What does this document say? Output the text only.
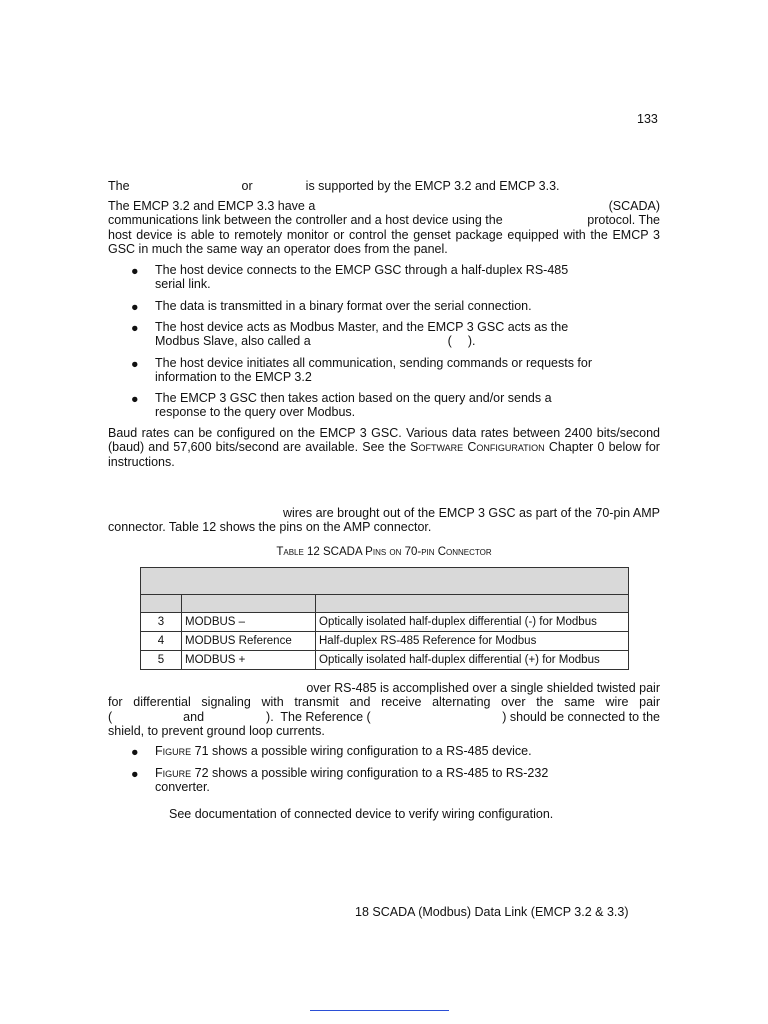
133
The	or	is supported by the EMCP 3.2 and EMCP 3.3.
The EMCP 3.2 and EMCP 3.3 have a	(SCADA)
communications link between the controller and a host device using the	protocol. The
host device is able to remotely monitor or control the genset package equipped with the EMCP 3 GSC in much the same way an operator does from the panel.
● The host device connects to the EMCP GSC through a half-duplex RS-485 serial link.
● The data is transmitted in a binary format over the serial connection.
● The host device acts as Modbus Master, and the EMCP 3 GSC acts as the
Modbus Slave, also called a	( ).
● The host device initiates all communication, sending commands or requests for information to the EMCP 3.2
● The EMCP 3 GSC then takes action based on the query and/or sends a response to the query over Modbus.
Baud rates can be configured on the EMCP 3 GSC. Various data rates between 2400 bits/second (baud) and 57,600 bits/second are available. See the Software Configuration Chapter 0 below for instructions.
wires are brought out of the EMCP 3 GSC as part of the 70-pin AMP
connector. Table 12 shows the pins on the AMP connector.
Table 12 SCADA Pins on 70-pin Connector

3	MODBUS –	Optically isolated half-duplex differential (-) for Modbus
4	MODBUS Reference	Half-duplex RS-485 Reference for Modbus
5	MODBUS +	Optically isolated half-duplex differential (+) for Modbus
over RS-485 is accomplished over a single shielded twisted pair
for differential signaling with transmit and receive alternating over the same wire pair
(	and	).  The Reference (	) should be connected to the
shield, to prevent ground loop currents.
● Figure 71 shows a possible wiring configuration to a RS-485 device.
● Figure 72 shows a possible wiring configuration to a RS-485 to RS-232
converter.
See documentation of connected device to verify wiring configuration.
18 SCADA (Modbus) Data Link (EMCP 3.2 & 3.3)
